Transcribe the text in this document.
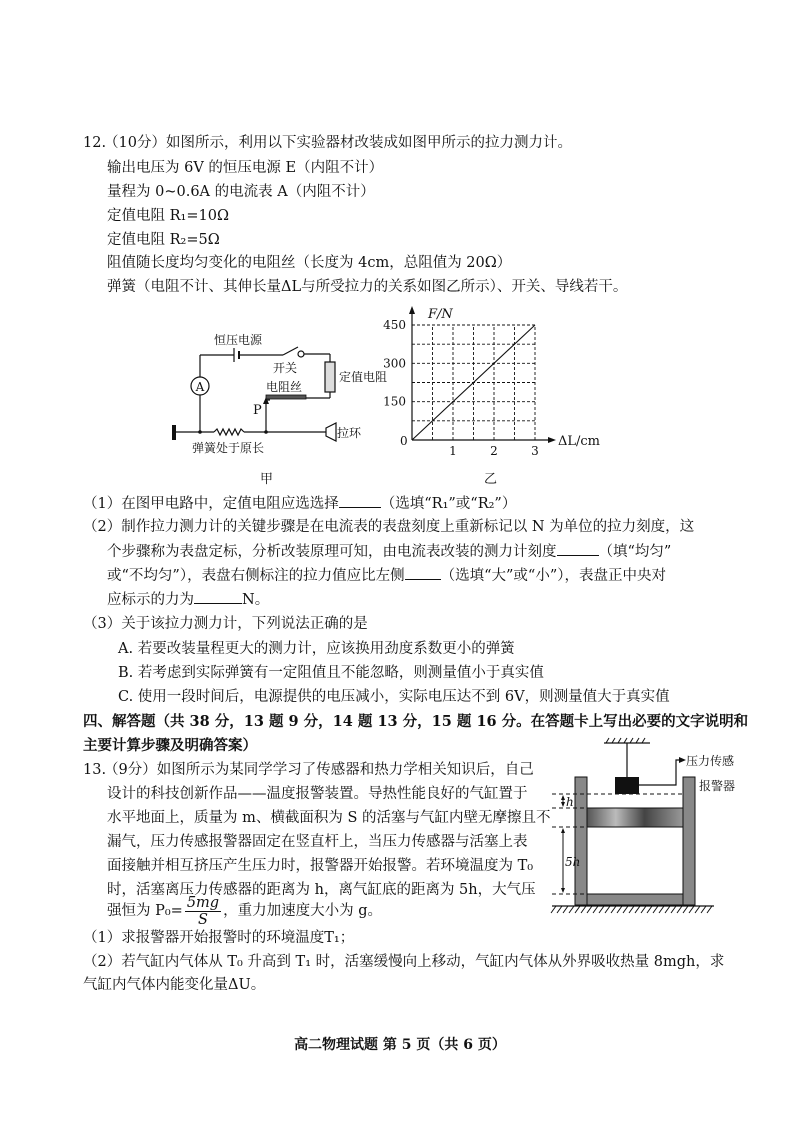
12.
（10分）如图所示，利用以下实验器材改装成如图甲所示的拉力测力计。
输出电压为 6V 的恒压电源 E（内阻不计）
量程为 0~0.6A 的电流表 A（内阻不计）
定值电阻 R₁=10Ω
定值电阻 R₂=5Ω
阻值随长度均匀变化的电阻丝（长度为 4cm，总阻值为 20Ω）
弹簧（电阻不计、其伸长量ΔL与所受拉力的关系如图乙所示）、开关、导线若干。
A
恒压电源
开关
定值电阻
电阻丝
P
弹簧处于原长
拉环
甲	乙
F/N
ΔL/cm
0
1	2	3
150
300
450
（1）在图甲电路中，定值电阻应选选择	（选填“R₁”或“R₂”）
（2）制作拉力测力计的关键步骤是在电流表的表盘刻度上重新标记以 N 为单位的拉力刻度，这
个步骤称为表盘定标，分析改装原理可知，由电流表改装的测力计刻度	（填“均匀”
或“不均匀”），表盘右侧标注的拉力值应比左侧 （选填“大”或“小”），表盘正中央对
应标示的力为	N。
（3）关于该拉力测力计，下列说法正确的是
A. 若要改装量程更大的测力计，应该换用劲度系数更小的弹簧
B. 若考虑到实际弹簧有一定阻值且不能忽略，则测量值小于真实值
C. 使用一段时间后，电源提供的电压减小，实际电压达不到 6V，则测量值大于真实值
四、解答题（共 38 分，13 题 9 分，14 题 13 分，15 题 16 分。在答题卡上写出必要的文字说明和
主要计算步骤及明确答案）
13.
（9分）如图所示为某同学学习了传感器和热力学相关知识后，自己
设计的科技创新作品——温度报警装置。导热性能良好的气缸置于
水平地面上，质量为 m、横截面积为 S 的活塞与气缸内壁无摩擦且不
漏气，压力传感报警器固定在竖直杆上，当压力传感器与活塞上表
面接触并相互挤压产生压力时，报警器开始报警。若环境温度为 T₀
时，活塞离压力传感器的距离为 h，离气缸底的距离为 5h，大气压
强恒为 $P_0= \frac{5mg}{S}$ ，重力加速度大小为 g。
（1）求报警器开始报警时的环境温度T₁；
（2）若气缸内气体从 T₀ 升高到 T₁ 时，活塞缓慢向上移动，气缸内气体从外界吸收热量 8mgh，求
气缸内气体内能变化量ΔU。
压力传感
报警器
h
5h
高二物理试题 第 5 页（共 6 页）
